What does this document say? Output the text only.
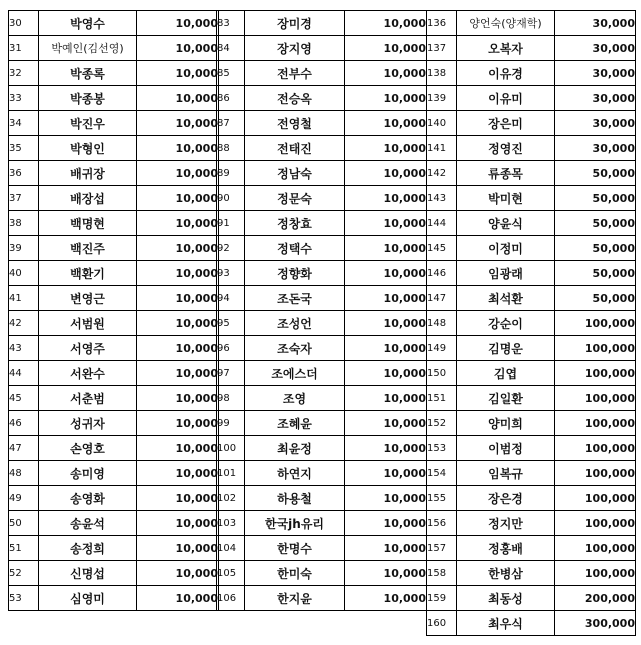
30	박영수	10,000
31	박예인(김선영)	10,000
32	박종록	10,000
33	박종봉	10,000
34	박진우	10,000
35	박형인	10,000
36	배귀장	10,000
37	배장섭	10,000
38	백명현	10,000
39	백진주	10,000
40	백환기	10,000
41	변영근	10,000
42	서범원	10,000
43	서영주	10,000
44	서완수	10,000
45	서춘범	10,000
46	성귀자	10,000
47	손영호	10,000
48	송미영	10,000
49	송영화	10,000
50	송윤석	10,000
51	송정희	10,000
52	신명섭	10,000
53	심영미	10,000
83	장미경	10,000
84	장지영	10,000
85	전부수	10,000
86	전승옥	10,000
87	전영철	10,000
88	전태진	10,000
89	정남숙	10,000
90	정문숙	10,000
91	정창효	10,000
92	정택수	10,000
93	정향화	10,000
94	조돈국	10,000
95	조성언	10,000
96	조숙자	10,000
97	조에스더	10,000
98	조영	10,000
99	조혜윤	10,000
100	최윤정	10,000
101	하연지	10,000
102	하용철	10,000
103	한국jh유리	10,000
104	한명수	10,000
105	한미숙	10,000
106	한지윤	10,000
136	양언숙(양재학)	30,000
137	오복자	30,000
138	이유경	30,000
139	이유미	30,000
140	장은미	30,000
141	정영진	30,000
142	류종목	50,000
143	박미현	50,000
144	양윤식	50,000
145	이정미	50,000
146	임광래	50,000
147	최석환	50,000
148	강순이	100,000
149	김명운	100,000
150	김엽	100,000
151	김일환	100,000
152	양미희	100,000
153	이범정	100,000
154	임복규	100,000
155	장은경	100,000
156	정지만	100,000
157	정홍배	100,000
158	한병삼	100,000
159	최동성	200,000
160	최우식	300,000
